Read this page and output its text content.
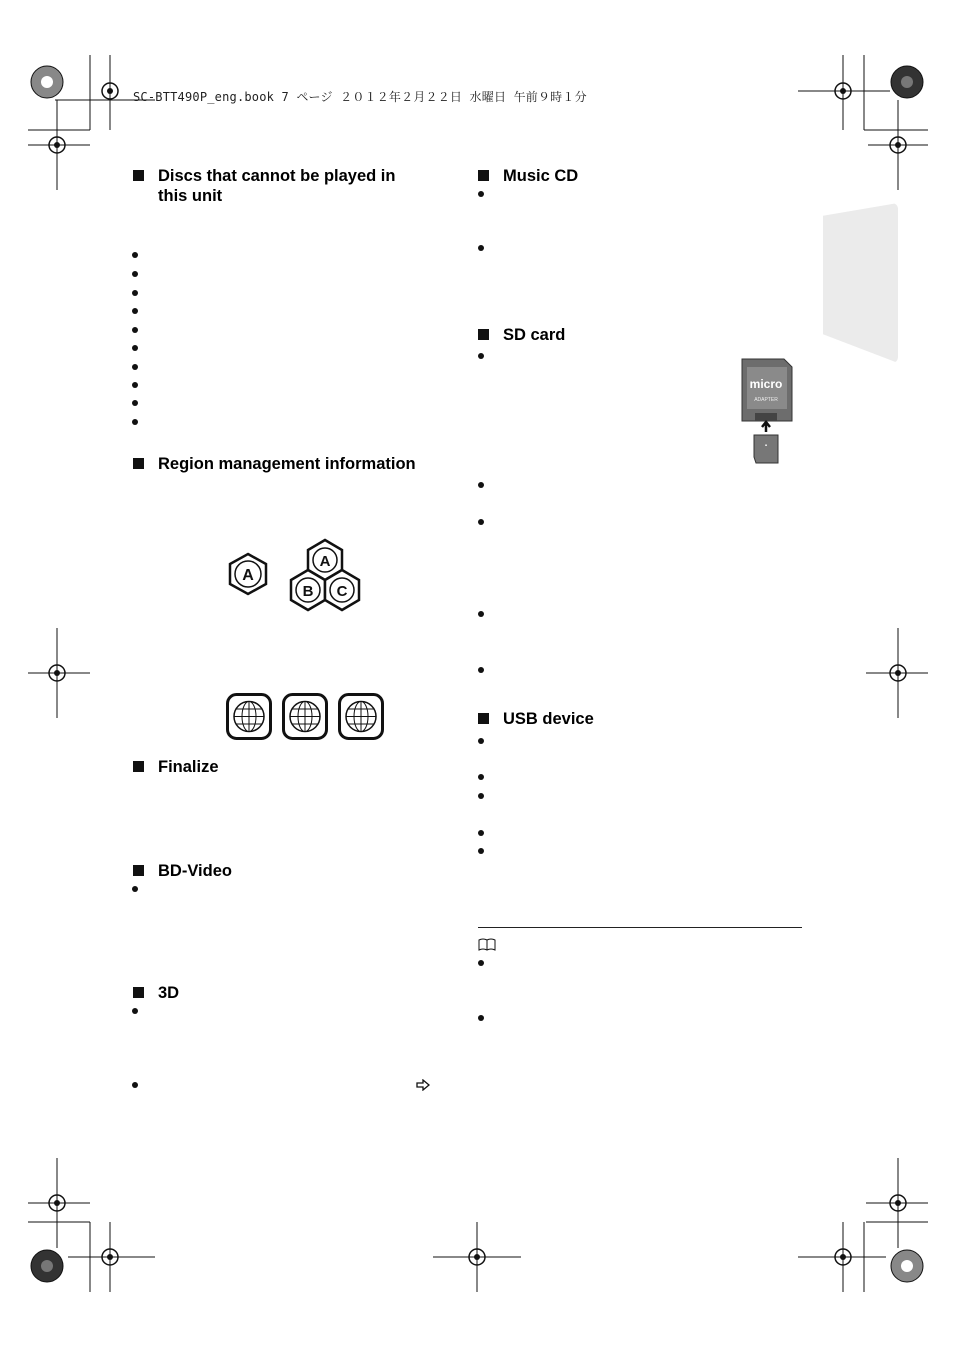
SC-BTT490P_eng.book 7 ページ ２０１２年２月２２日 水曜日 午前９時１分
Discs that cannot be played in
this unit
Region management information
A
A
B C
Finalize
BD-Video
3D
Music CD
SD card
micro
ADAPTER
▪
USB device
